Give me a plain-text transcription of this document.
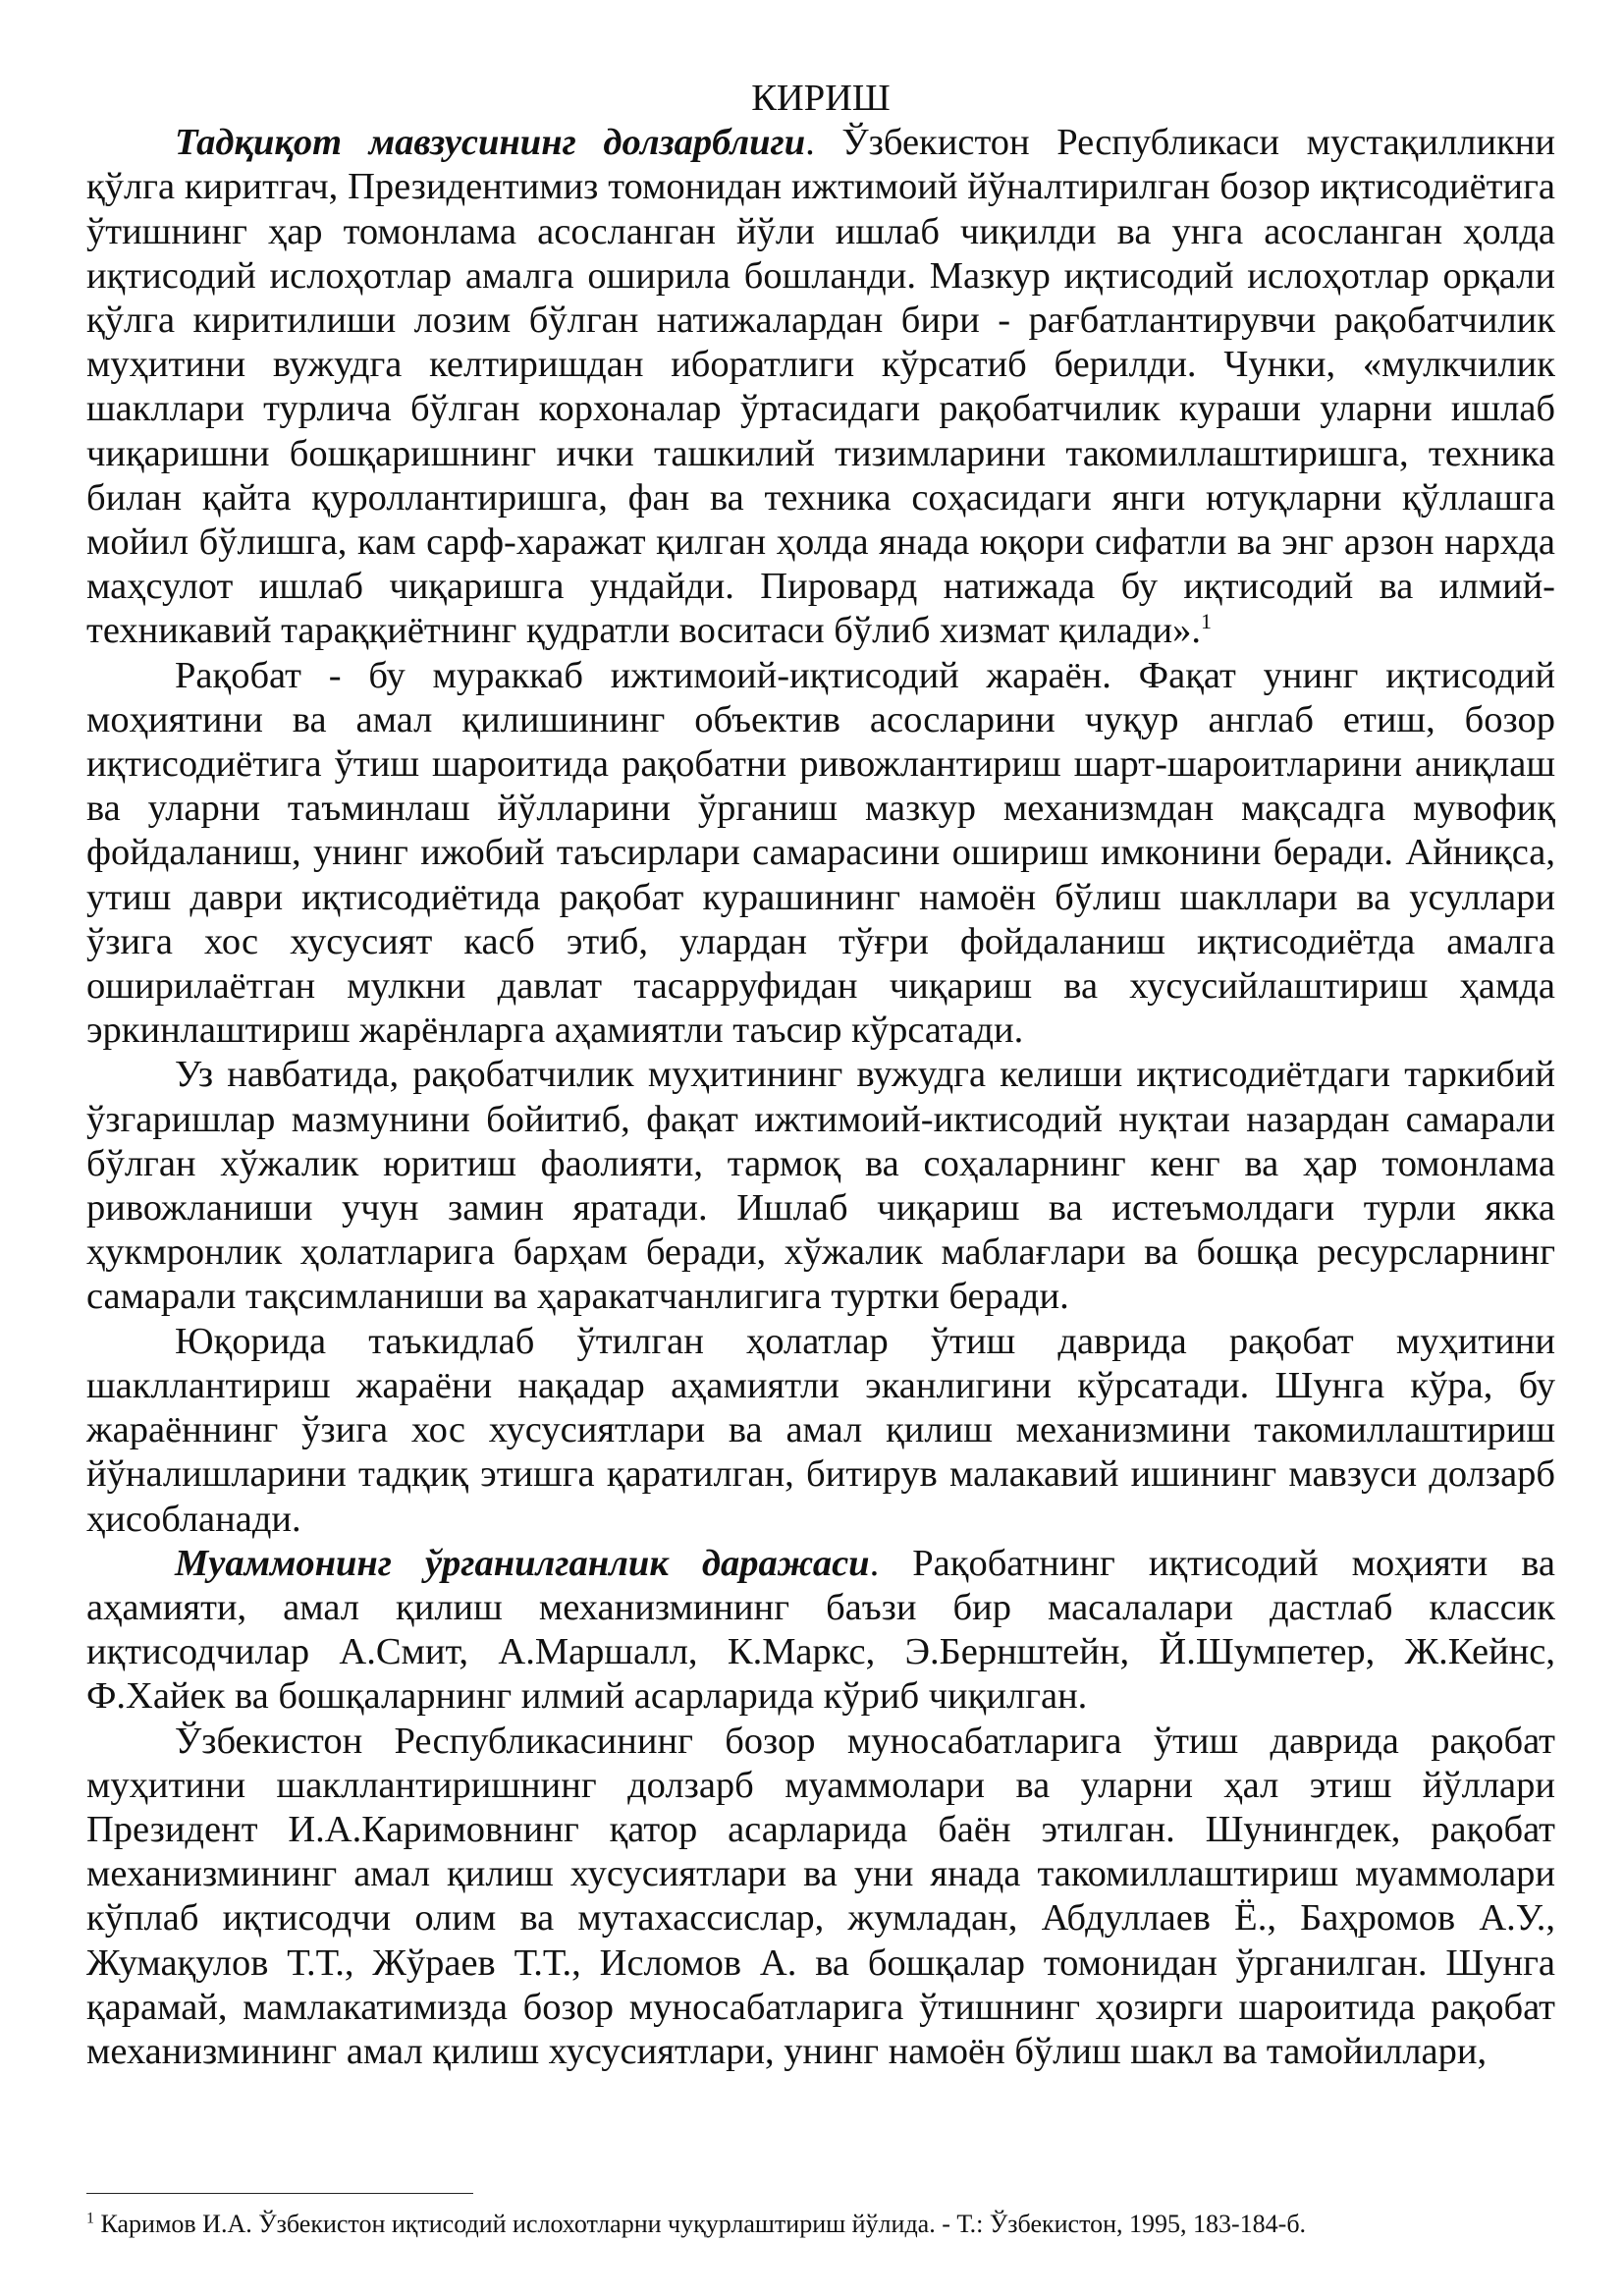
КИРИШ

Тадқиқот мавзусининг долзарблиги. Ўзбекистон Республикаси мустақилликни қўлга киритгач, Президентимиз томонидан ижтимоий йўналтирилган бозор иқтисодиётига ўтишнинг ҳар томонлама асосланган йўли ишлаб чиқилди ва унга асосланган ҳолда иқтисодий ислоҳотлар амалга оширила бошланди. Мазкур иқтисодий ислоҳотлар орқали қўлга киритилиши лозим бўлган натижалардан бири - рағбатлантирувчи рақобатчилик муҳитини вужудга келтиришдан иборатлиги кўрсатиб берилди. Чунки, «мулкчилик шакллари турлича бўлган корхоналар ўртасидаги рақобатчилик кураши уларни ишлаб чиқаришни бошқаришнинг ички ташкилий тизимларини такомиллаштиришга, техника билан қайта қуроллантиришга, фан ва техника соҳасидаги янги ютуқларни қўллашга мойил бўлишга, кам сарф-харажат қилган ҳолда янада юқори сифатли ва энг арзон нархда маҳсулот ишлаб чиқаришга ундайди. Пировард натижада бу иқтисодий ва илмий-техникавий тараққиётнинг қудратли воситаси бўлиб хизмат қилади».$^1$

Рақобат - бу мураккаб ижтимоий-иқтисодий жараён. Фақат унинг иқтисодий моҳиятини ва амал қилишининг объектив асосларини чуқур англаб етиш, бозор иқтисодиётига ўтиш шароитида рақобатни ривожлантириш шарт-шароитларини аниқлаш ва уларни таъминлаш йўлларини ўрганиш мазкур механизмдан мақсадга мувофиқ фойдаланиш, унинг ижобий таъсирлари самарасини ошириш имконини беради. Айниқса, утиш даври иқтисодиётида рақобат курашининг намоён бўлиш шакллари ва усуллари ўзига хос хусусият касб этиб, улардан тўғри фойдаланиш иқтисодиётда амалга оширилаётган мулкни давлат тасарруфидан чиқариш ва хусусийлаштириш ҳамда эркинлаштириш жарёнларга аҳамиятли таъсир кўрсатади.

Уз навбатида, рақобатчилик муҳитининг вужудга келиши иқтисодиётдаги таркибий ўзгаришлар мазмунини бойитиб, фақат ижтимоий-иктисодий нуқтаи назардан самарали бўлган хўжалик юритиш фаолияти, тармоқ ва соҳаларнинг кенг ва ҳар томонлама ривожланиши учун замин яратади. Ишлаб чиқариш ва истеъмолдаги турли якка ҳукмронлик ҳолатларига барҳам беради, хўжалик маблағлари ва бошқа ресурсларнинг самарали тақсимланиши ва ҳаракатчанлигига туртки беради.

Юқорида таъкидлаб ўтилган ҳолатлар ўтиш даврида рақобат муҳитини шакллантириш жараёни нақадар аҳамиятли эканлигини кўрсатади. Шунга кўра, бу жараённинг ўзига хос хусусиятлари ва амал қилиш механизмини такомиллаштириш йўналишларини тадқиқ этишга қаратилган, битирув малакавий ишининг мавзуси долзарб ҳисобланади.

Муаммонинг ўрганилганлик даражаси. Рақобатнинг иқтисодий моҳияти ва аҳамияти, амал қилиш механизмининг баъзи бир масалалари дастлаб классик иқтисодчилар А.Смит, А.Маршалл, К.Маркс, Э.Бернштейн, Й.Шумпетер, Ж.Кейнс, Ф.Хайек ва бошқаларнинг илмий асарларида кўриб чиқилган.

Ўзбекистон Республикасининг бозор муносабатларига ўтиш даврида рақобат муҳитини шакллантиришнинг долзарб муаммолари ва уларни ҳал этиш йўллари Президент И.А.Каримовнинг қатор асарларида баён этилган. Шунингдек, рақобат механизмининг амал қилиш хусусиятлари ва уни янада такомиллаштириш муаммолари кўплаб иқтисодчи олим ва мутахассислар, жумладан, Абдуллаев Ё., Баҳромов А.У., Жумақулов Т.Т., Жўраев Т.Т., Исломов А. ва бошқалар томонидан ўрганилган. Шунга қарамай, мамлакатимизда бозор муносабатларига ўтишнинг ҳозирги шароитида рақобат механизмининг амал қилиш хусусиятлари, унинг намоён бўлиш шакл ва тамойиллари,

$^1$ Каримов И.А. Ўзбекистон иқтисодий ислохотларни чуқурлаштириш йўлида. - Т.: Ўзбекистон, 1995, 183-184-б.
